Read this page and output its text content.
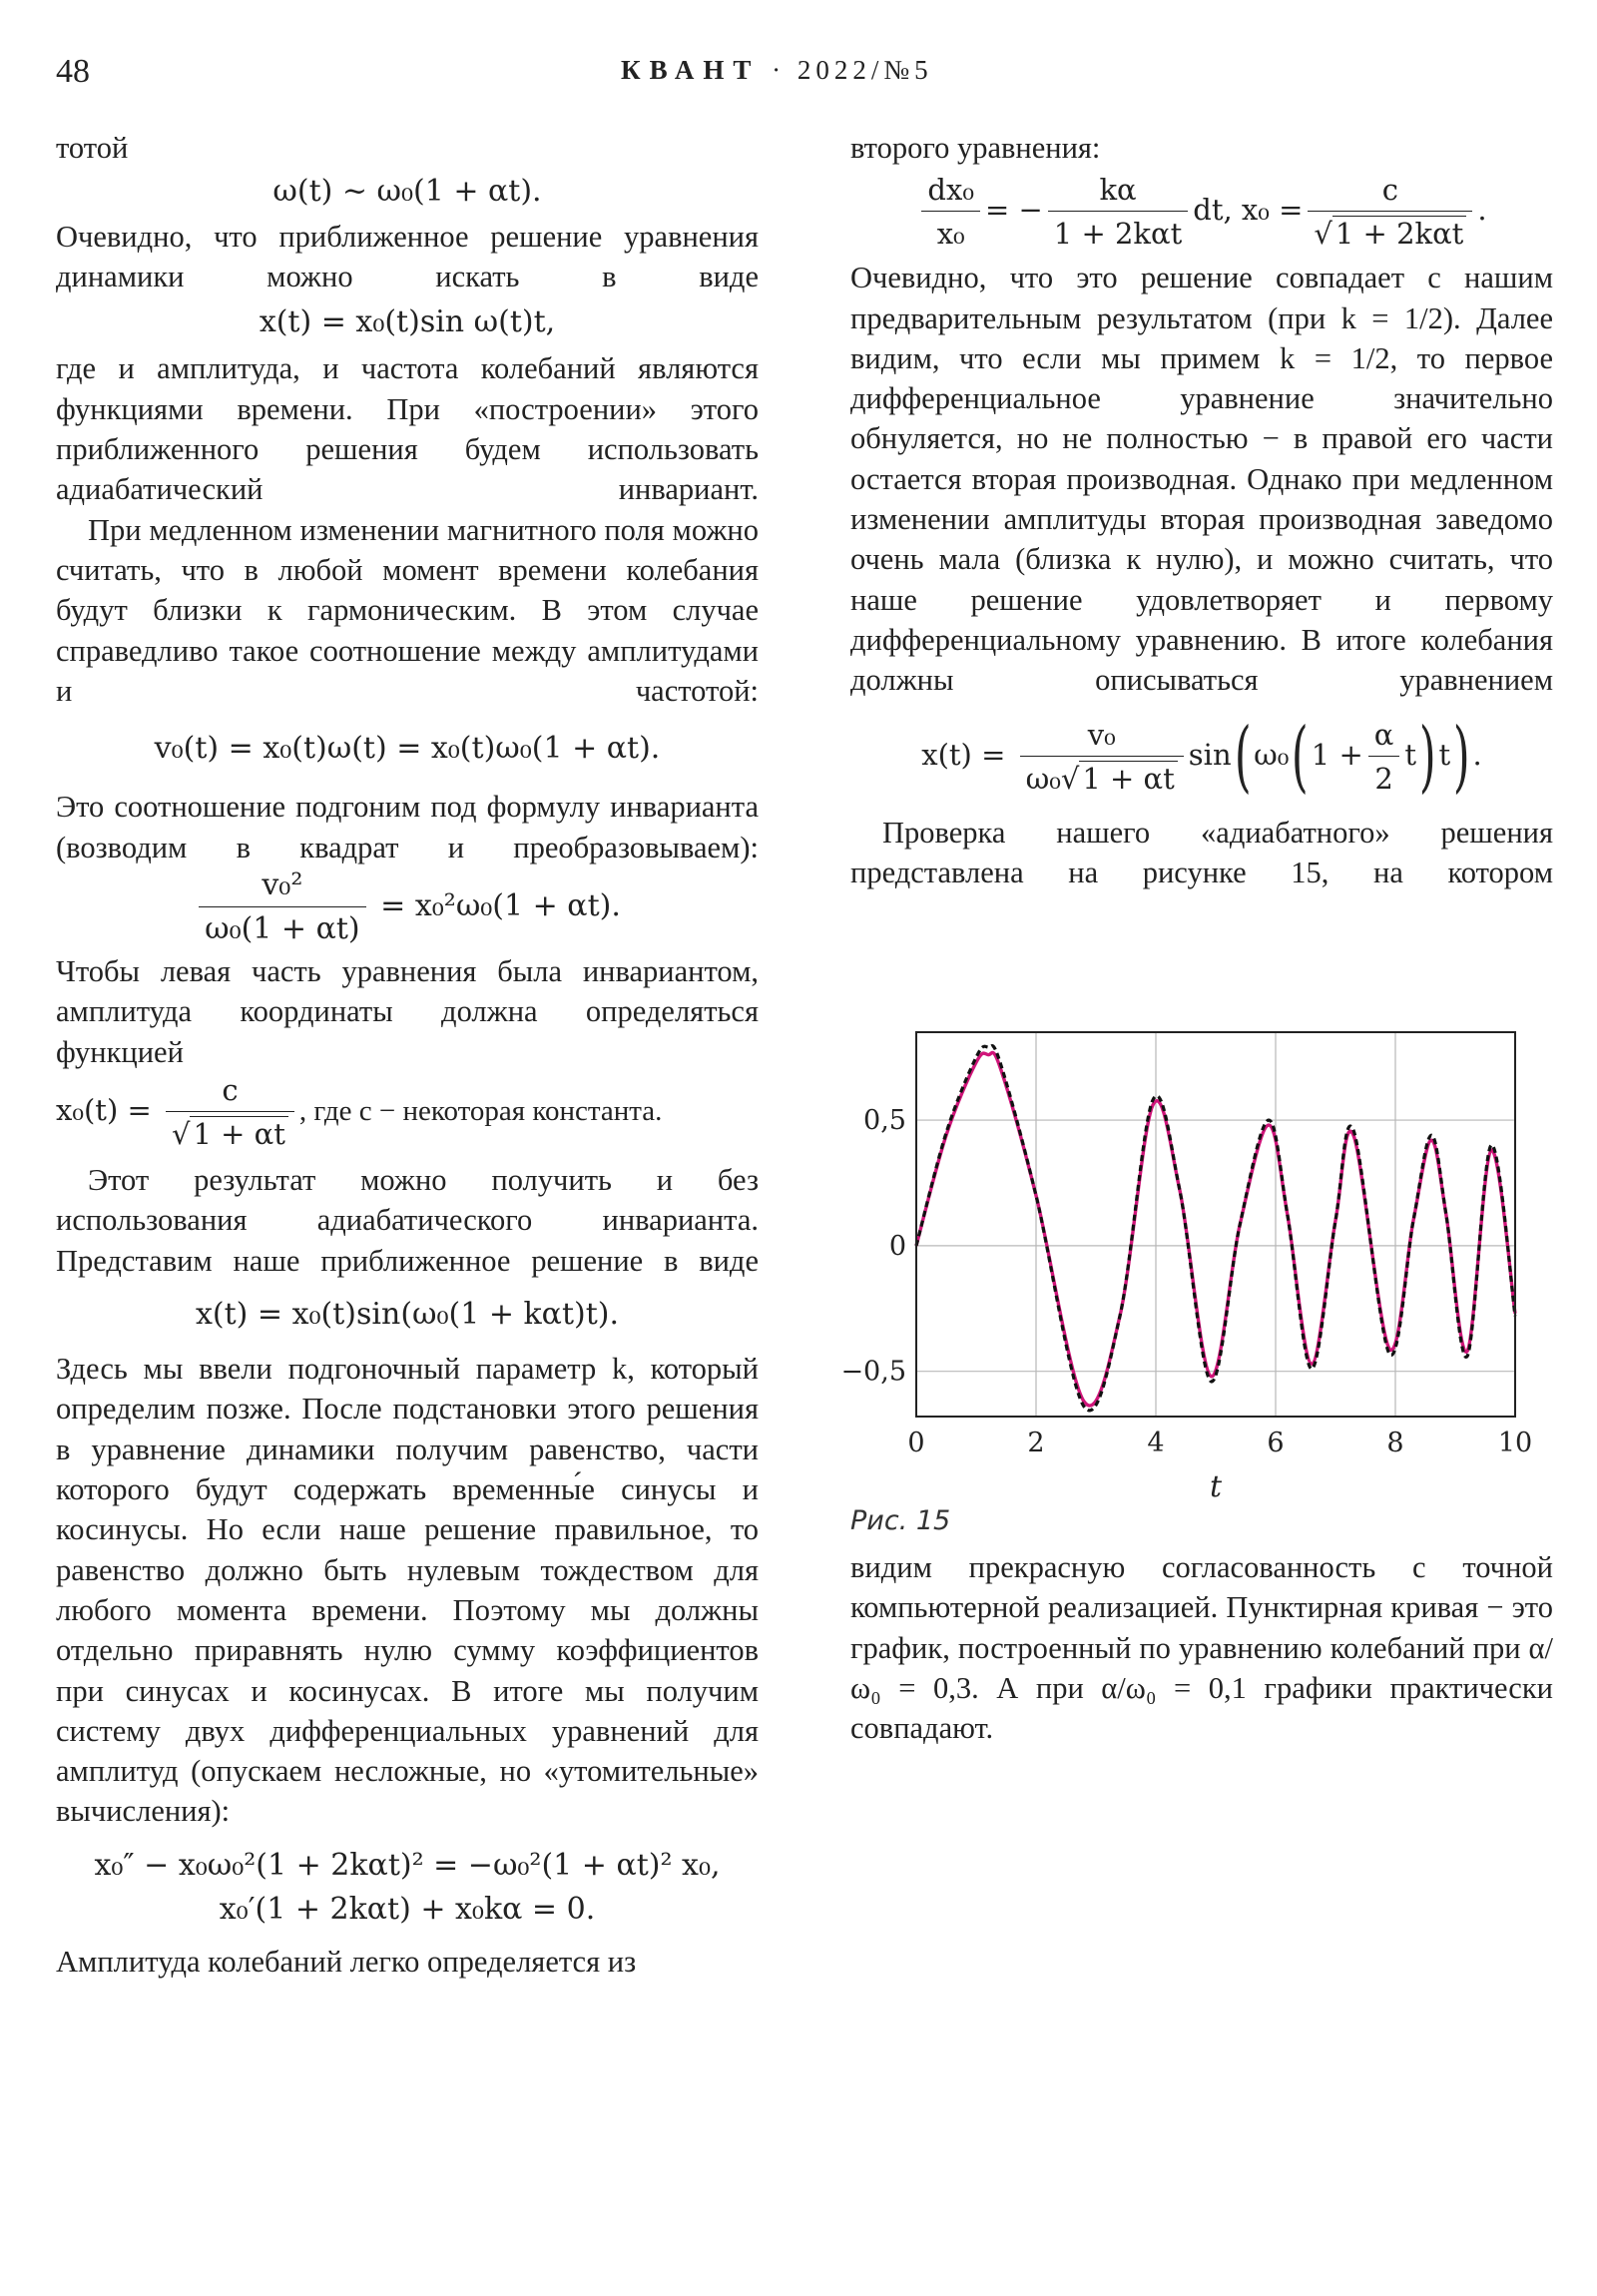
48	КВАНТ · 2022/№5

тотой

ω(t) ~ ω₀(1 + αt).

Очевидно, что приближенное решение уравнения динамики можно искать в виде

x(t) = x₀(t)sin ω(t)t,

где и амплитуда, и частота колебаний являются функциями времени. При «построении» этого приближенного решения будем использовать адиабатический инвариант.

При медленном изменении магнитного поля можно считать, что в любой момент времени колебания будут близки к гармоническим. В этом случае справедливо такое соотношение между амплитудами и частотой:

v₀(t) = x₀(t)ω(t) = x₀(t)ω₀(1 + αt).

Это соотношение подгоним под формулу инварианта (возводим в квадрат и преобразовываем):

$\frac{\text{v₀²}}{\text{ω₀(1 + αt)}} = x_0^2\omega_0(1 + \alpha t)$.

Чтобы левая часть уравнения была инвариантом, амплитуда координаты должна определяться функцией

$x_0(t) = \frac{c}{√ 1 + \alpha t}$ , где c − некоторая константа.

Этот результат можно получить и без использования адиабатического инварианта. Представим наше приближенное решение в виде

x(t) = x₀(t)sin(ω₀(1 + kαt)t).

Здесь мы ввели подгоночный параметр k, который определим позже. После подстановки этого решения в уравнение динамики получим равенство, части которого будут содержать временны́е синусы и косинусы. Но если наше решение правильное, то равенство должно быть нулевым тождеством для любого момента времени. Поэтому мы должны отдельно приравнять нулю сумму коэффициентов при синусах и косинусах. В итоге мы получим систему двух дифференциальных уравнений для амплитуд (опускаем несложные, но «утомительные» вычисления):

x₀″ − x₀ω₀²(1 + 2kαt)² = −ω₀²(1 + αt)² x₀,
x₀′(1 + 2kαt) + x₀kα = 0.

Амплитуда колебаний легко определяется из

второго уравнения:

$\frac{\text{dx₀}}{\text{x₀}}$ = −
kα
1 + 2kαt
dt, x₀ =
c
√ 1 + 2kαt
.

Очевидно, что это решение совпадает с нашим предварительным результатом (при k = 1/2). Далее видим, что если мы примем k = 1/2, то первое дифференциальное уравнение значительно обнуляется, но не полностью − в правой его части остается вторая производная. Однако при медленном изменении амплитуды вторая производная заведомо очень мала (близка к нулю), и можно считать, что наше решение удовлетворяет и первому дифференциальному уравнению. В итоге колебания должны описываться уравнением

$x(t) = \frac{\text{v₀}}{\text{ω₀√ 1 + αt}} \sin(\omega_0(1 + \frac{\alpha}{2} t)t)$.

Проверка нашего «адиабатного» решения представлена на рисунке 15, на котором

0	2	4	6	8	10
−0,5
0
0,5
t
Рис. 15

видим прекрасную согласованность с точной компьютерной реализацией. Пунктирная кривая − это график, построенный по уравнению колебаний при α/ω₀ = 0,3. А при α/ω₀ = 0,1 графики практически совпадают.
